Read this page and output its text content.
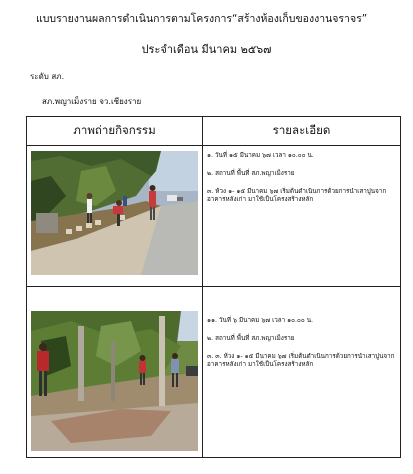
แบบรายงานผลการดำเนินการตามโครงการ“สร้างห้องเก็บของงานจราจร”
ประจำเดือน มีนาคม ๒๕๖๗
ระดับ สภ.
สภ.พญาเม็งราย จว.เชียงราย
ภาพถ่ายกิจกรรม	รายละเอียด

๑. วันที่ ๑๕ มีนาคม ๖๗ เวลา ๑๐.๐๐ น.

๒. สถานที่ พื้นที่ สภ.พญาเม็งราย

๓. ห้วง ๑- ๑๕ มีนาคม ๖๗ เริ่มต้นดำเนินการด้วยการนำเสาปูนจากอาคารหลังเก่า มาใช้เป็นโครงสร้างหลัก

๑๑. วันที่ ๖ มีนาคม ๖๗ เวลา ๑๐.๐๐ น.

๒. สถานที่ พื้นที่ สภ.พญาเม็งราย

๓. ๓. ห้วง ๑- ๑๕ มีนาคม ๖๗ เริ่มต้นดำเนินการด้วยการนำเสาปูนจากอาคารหลังเก่า มาใช้เป็นโครงสร้างหลัก
